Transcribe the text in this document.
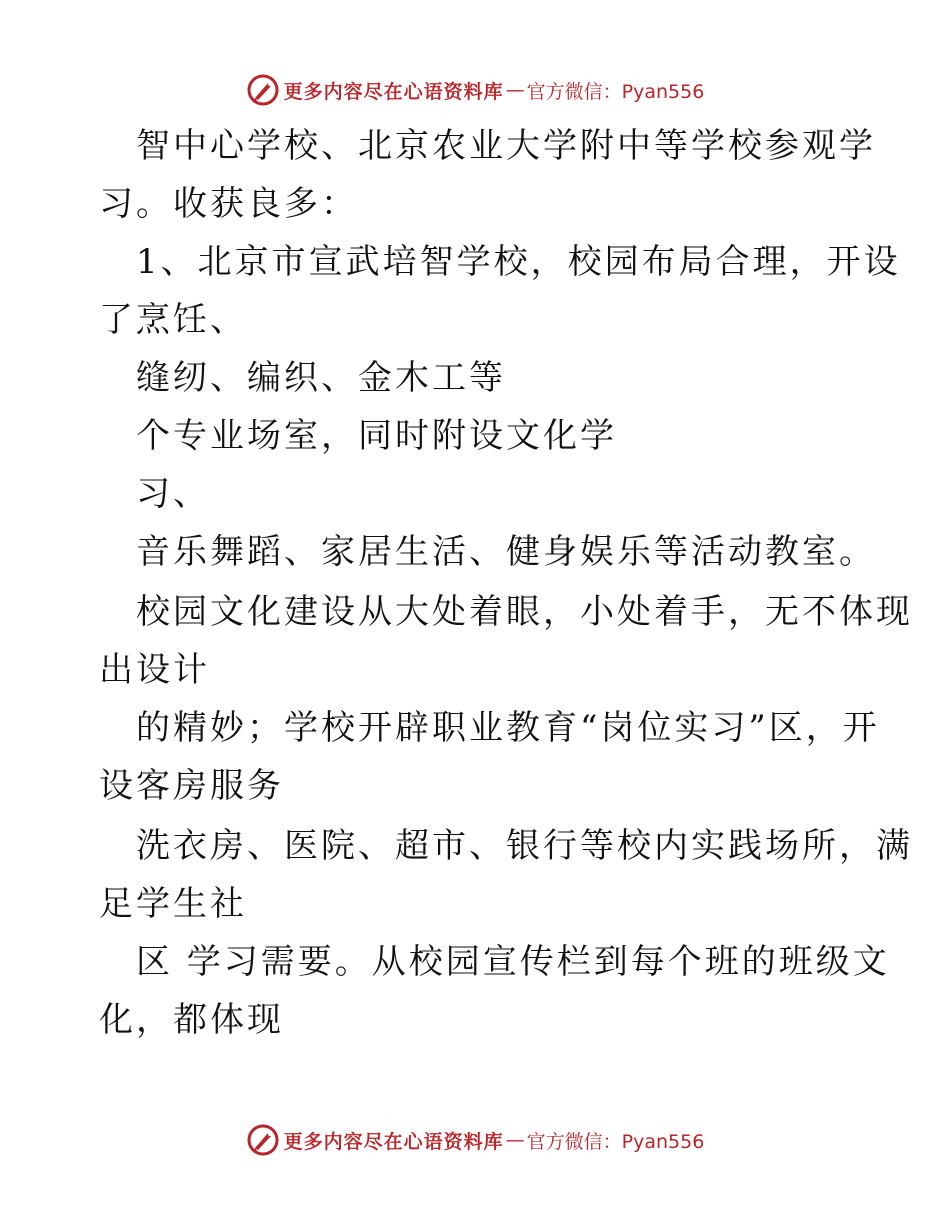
更多内容尽在心语资料库 — 官方微信：Pyan556
智中心学校、北京农业大学附中等学校参观学
习。收获良多：
1、北京市宣武培智学校，校园布局合理，开设
了烹饪、
缝纫、编织、金木工等
个专业场室，同时附设文化学
习、
音乐舞蹈、家居生活、健身娱乐等活动教室。
校园文化建设从大处着眼，小处着手，无不体现
出设计
的精妙；学校开辟职业教育“岗位实习”区，开
设客房服务
洗衣房、医院、超市、银行等校内实践场所，满
足学生社
区 学习需要。从校园宣传栏到每个班的班级文
化，都体现
更多内容尽在心语资料库 — 官方微信：Pyan556
